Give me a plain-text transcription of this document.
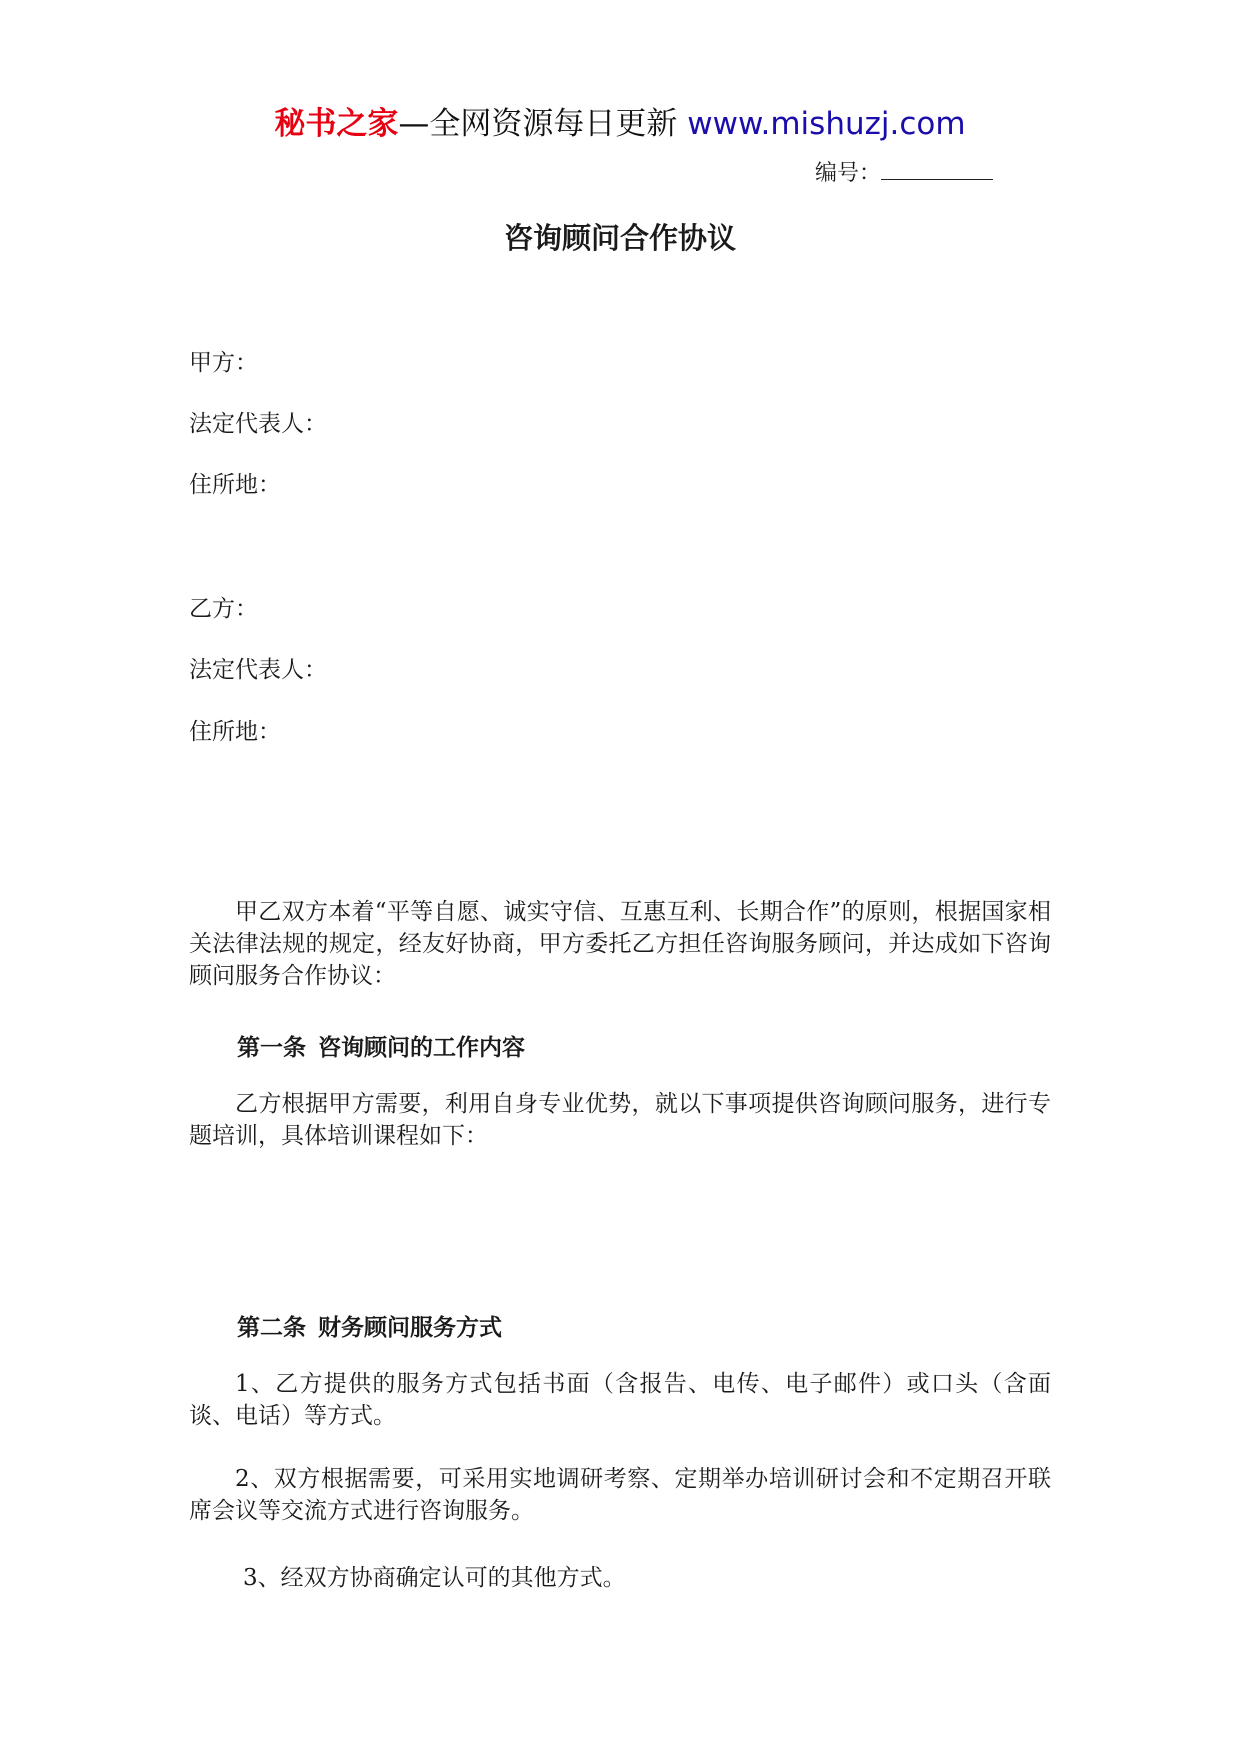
秘书之家—全网资源每日更新 www.mishuzj.com
编号：
咨询顾问合作协议
甲方：
法定代表人：
住所地：
乙方：
法定代表人：
住所地：

甲乙双方本着“平等自愿、诚实守信、互惠互利、长期合作”的原则，根据国家相关法律法规的规定，经友好协商，甲方委托乙方担任咨询服务顾问，并达成如下咨询顾问服务合作协议：

第一条 咨询顾问的工作内容

乙方根据甲方需要，利用自身专业优势，就以下事项提供咨询顾问服务，进行专题培训，具体培训课程如下：

第二条 财务顾问服务方式

1、乙方提供的服务方式包括书面（含报告、电传、电子邮件）或口头（含面谈、电话）等方式。

2、双方根据需要，可采用实地调研考察、定期举办培训研讨会和不定期召开联席会议等交流方式进行咨询服务。

3、经双方协商确定认可的其他方式。
